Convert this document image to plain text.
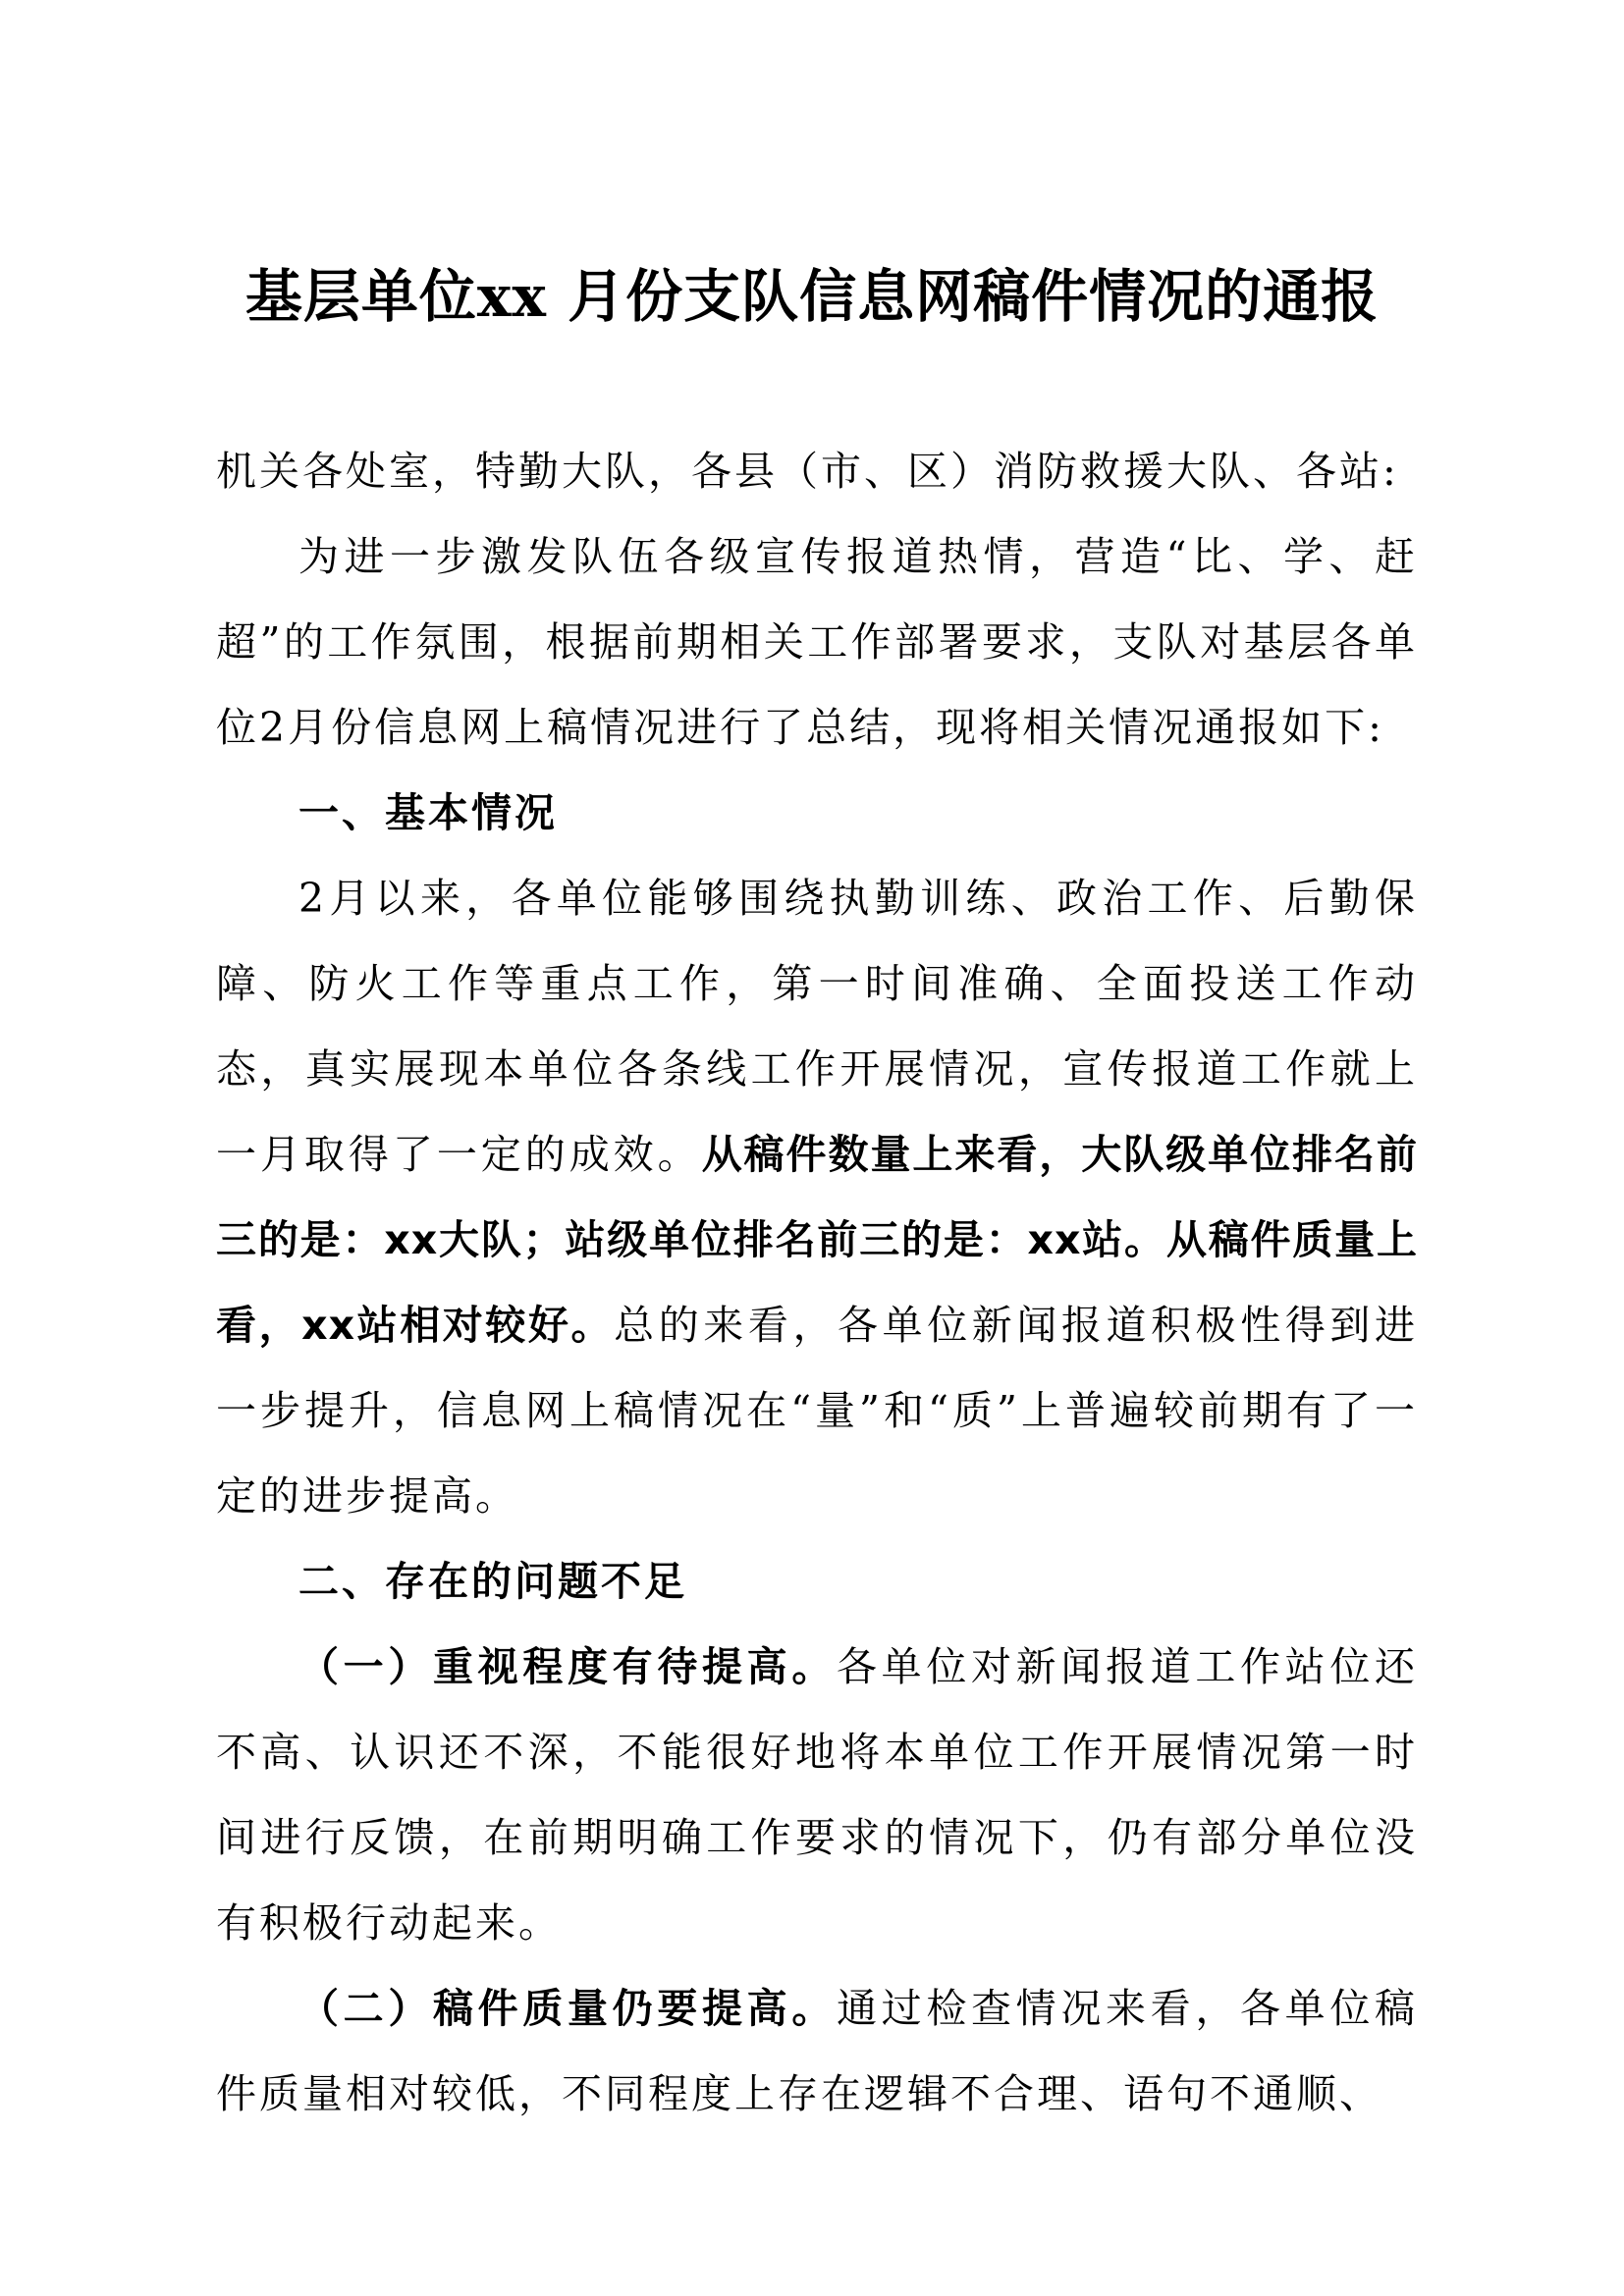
基层单位xx 月份支队信息网稿件情况的通报

机关各处室，特勤大队，各县（市、区）消防救援大队、各站:

为进一步激发队伍各级宣传报道热情，营造“比、学、赶超”的工作氛围，根据前期相关工作部署要求，支队对基层各单位2月份信息网上稿情况进行了总结，现将相关情况通报如下:

一、基本情况

2月以来，各单位能够围绕执勤训练、政治工作、后勤保障、防火工作等重点工作，第一时间准确、全面投送工作动态，真实展现本单位各条线工作开展情况，宣传报道工作就上一月取得了一定的成效。从稿件数量上来看，大队级单位排名前三的是：xx大队；站级单位排名前三的是：xx站。从稿件质量上看，xx站相对较好。总的来看，各单位新闻报道积极性得到进一步提升，信息网上稿情况在“量”和“质”上普遍较前期有了一定的进步提高。

二、存在的问题不足

（一）重视程度有待提高。各单位对新闻报道工作站位还不高、认识还不深，不能很好地将本单位工作开展情况第一时间进行反馈，在前期明确工作要求的情况下，仍有部分单位没有积极行动起来。

（二）稿件质量仍要提高。通过检查情况来看，各单位稿件质量相对较低，不同程度上存在逻辑不合理、语句不通顺、
